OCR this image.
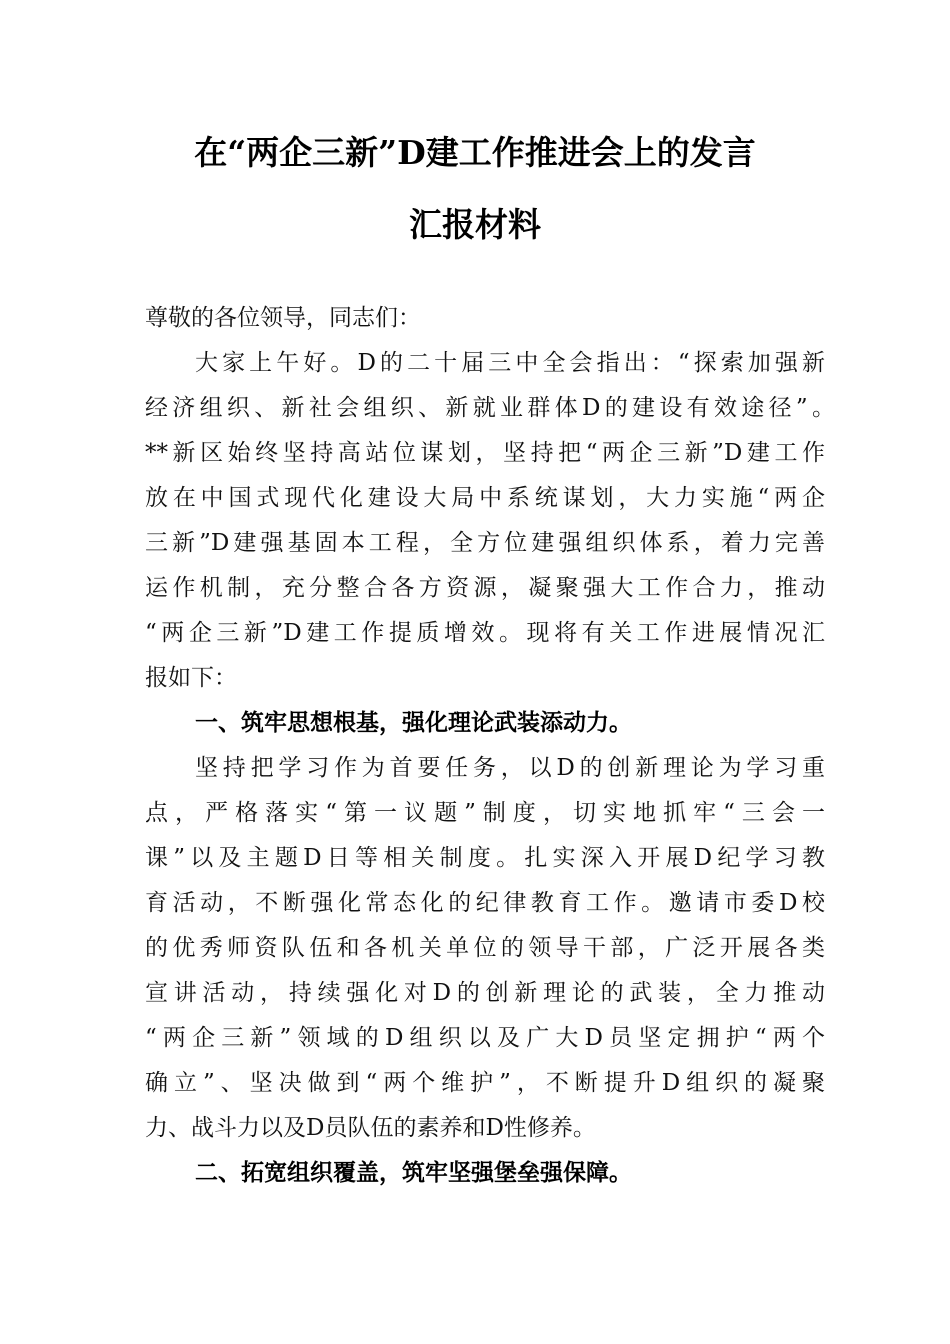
在“两企三新”D建工作推进会上的发言
汇报材料
尊敬的各位领导，同志们：
大家上午好。D的二十届三中全会指出：“探索加强新
经济组织、新社会组织、新就业群体D的建设有效途径”。
**新区始终坚持高站位谋划，坚持把“两企三新”D建工作
放在中国式现代化建设大局中系统谋划，大力实施“两企
三新”D建强基固本工程，全方位建强组织体系，着力完善
运作机制，充分整合各方资源，凝聚强大工作合力，推动
“两企三新”D建工作提质增效。现将有关工作进展情况汇
报如下：
一、筑牢思想根基，强化理论武装添动力。
坚持把学习作为首要任务，以D的创新理论为学习重
点，严格落实“第一议题”制度，切实地抓牢“三会一
课”以及主题D日等相关制度。扎实深入开展D纪学习教
育活动，不断强化常态化的纪律教育工作。邀请市委D校
的优秀师资队伍和各机关单位的领导干部，广泛开展各类
宣讲活动，持续强化对D的创新理论的武装，全力推动
“两企三新”领域的D组织以及广大D员坚定拥护“两个
确立”、坚决做到“两个维护”，不断提升D组织的凝聚
力、战斗力以及D员队伍的素养和D性修养。
二、拓宽组织覆盖，筑牢坚强堡垒强保障。
